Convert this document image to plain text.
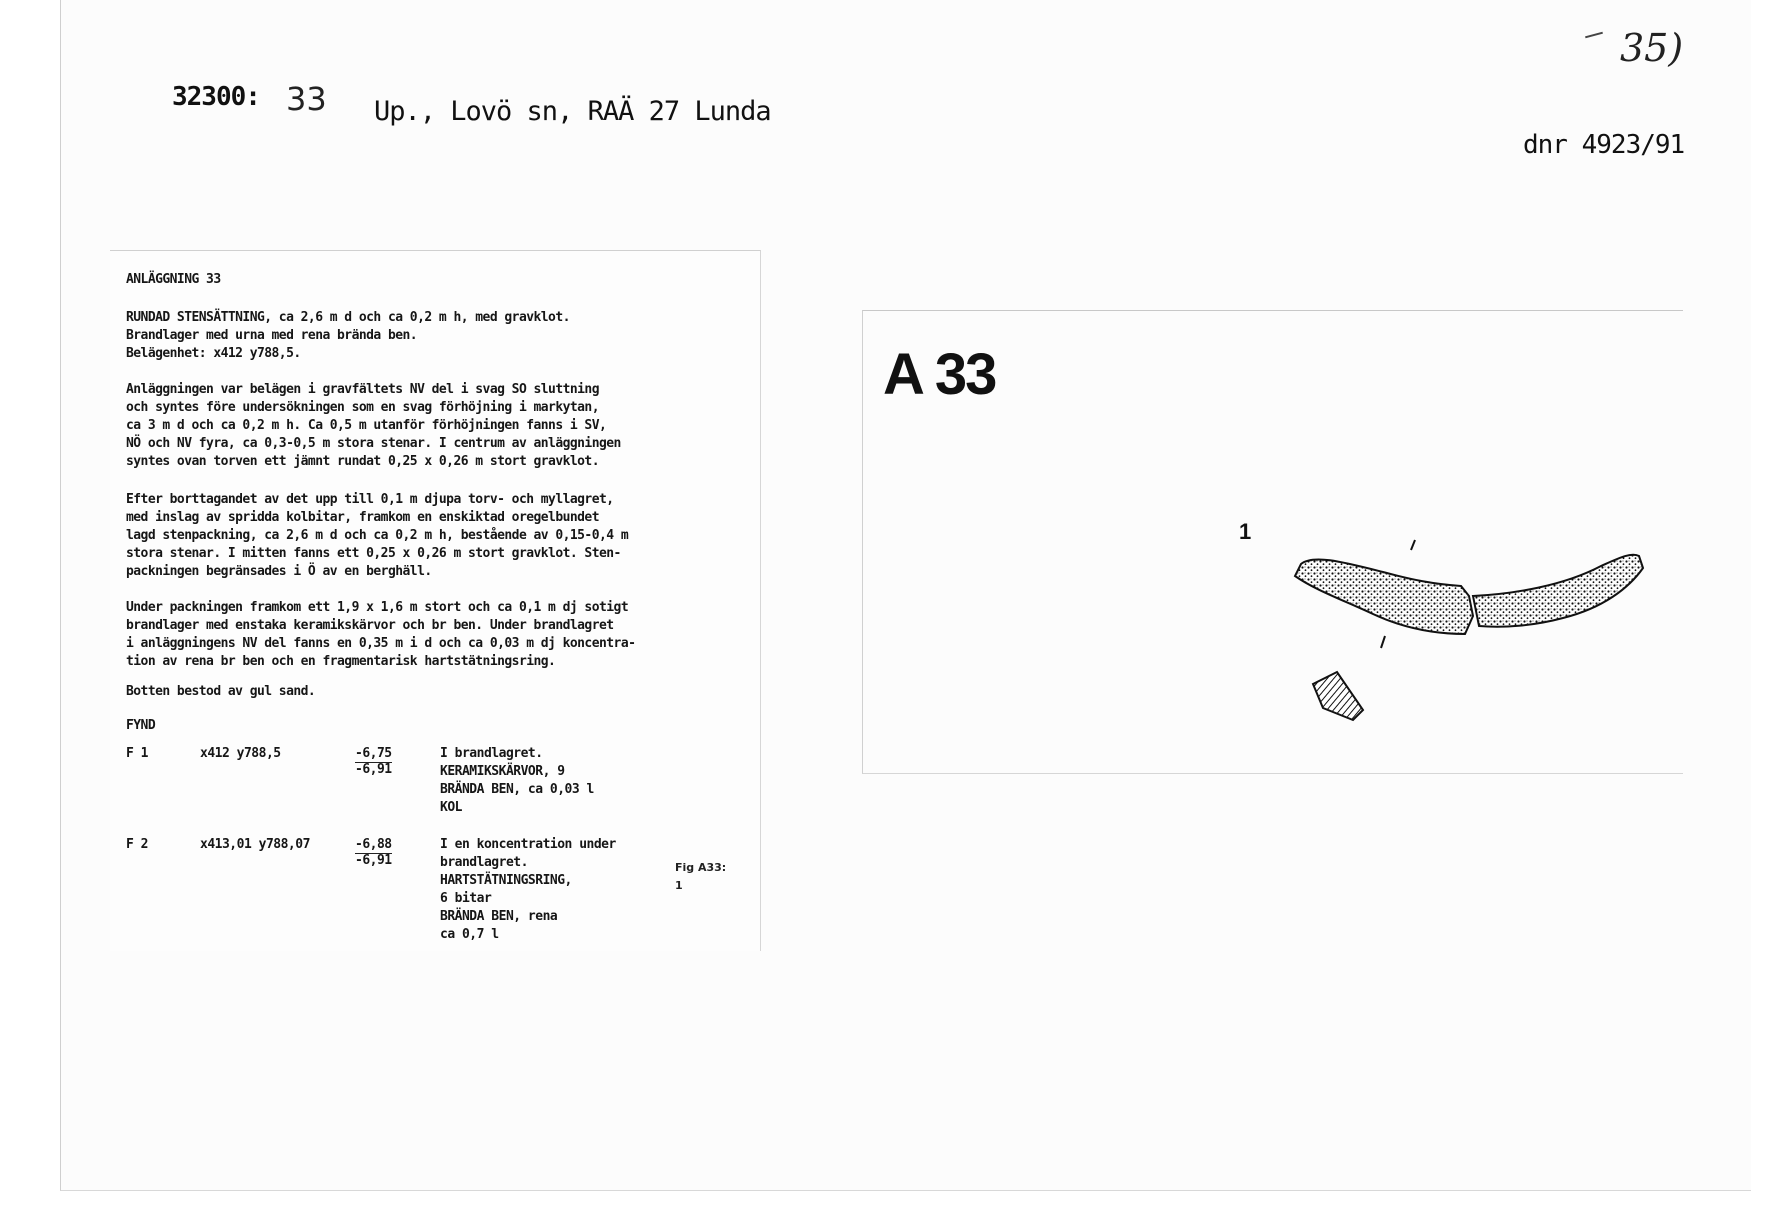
32300: 33 Up., Lovö sn, RAÄ 27 Lunda
dnr 4923/91
35)
ANLÄGGNING 33
RUNDAD STENSÄTTNING, ca 2,6 m d och ca 0,2 m h, med gravklot.
Brandlager med urna med rena brända ben.
Belägenhet: x412 y788,5.
Anläggningen var belägen i gravfältets NV del i svag SO sluttning
och syntes före undersökningen som en svag förhöjning i markytan,
ca 3 m d och ca 0,2 m h. Ca 0,5 m utanför förhöjningen fanns i SV,
NÖ och NV fyra, ca 0,3-0,5 m stora stenar. I centrum av anläggningen
syntes ovan torven ett jämnt rundat 0,25 x 0,26 m stort gravklot.
Efter borttagandet av det upp till 0,1 m djupa torv- och myllagret,
med inslag av spridda kolbitar, framkom en enskiktad oregelbundet
lagd stenpackning, ca 2,6 m d och ca 0,2 m h, bestående av 0,15-0,4 m
stora stenar. I mitten fanns ett 0,25 x 0,26 m stort gravklot. Sten-
packningen begränsades i Ö av en berghäll.
Under packningen framkom ett 1,9 x 1,6 m stort och ca 0,1 m dj sotigt
brandlager med enstaka keramikskärvor och br ben. Under brandlagret
i anläggningens NV del fanns en 0,35 m i d och ca 0,03 m dj koncentra-
tion av rena br ben och en fragmentarisk hartstätningsring.
Botten bestod av gul sand.
FYND
F 1	x412 y788,5	-6,75
-6,91
I brandlagret.
KERAMIKSKÄRVOR, 9
BRÄNDA BEN, ca 0,03 l
KOL
F 2	x413,01 y788,07	-6,88
-6,91
I en koncentration under
brandlagret.
HARTSTÄTNINGSRING,
6 bitar
BRÄNDA BEN, rena
ca 0,7 l
Fig A33:
1
A 33
1
